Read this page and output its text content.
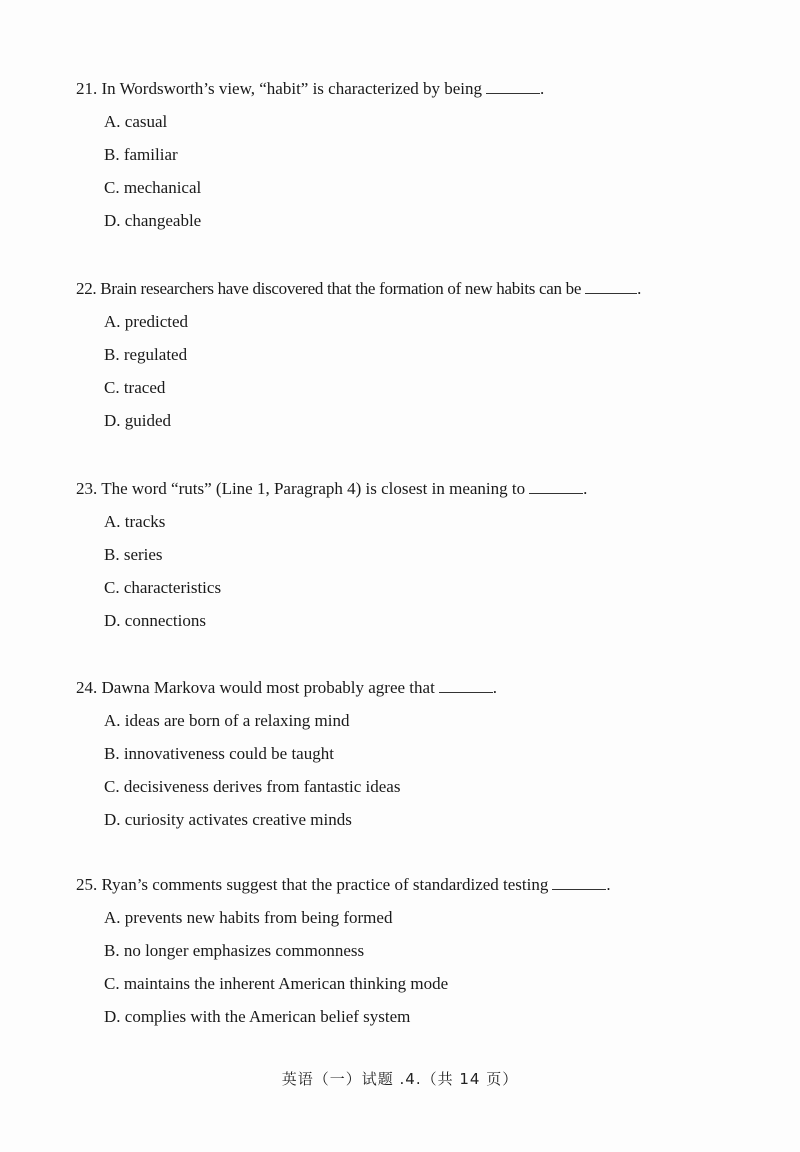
21. In Wordsworth’s view, “habit” is characterized by being	.
A. casual
B. familiar
C. mechanical
D. changeable
22. Brain researchers have discovered that the formation of new habits can be	.
A. predicted
B. regulated
C. traced
D. guided
23. The word “ruts” (Line 1, Paragraph 4) is closest in meaning to	.
A. tracks
B. series
C. characteristics
D. connections
24. Dawna Markova would most probably agree that	.
A. ideas are born of a relaxing mind
B. innovativeness could be taught
C. decisiveness derives from fantastic ideas
D. curiosity activates creative minds
25. Ryan’s comments suggest that the practice of standardized testing	.
A. prevents new habits from being formed
B. no longer emphasizes commonness
C. maintains the inherent American thinking mode
D. complies with the American belief system
英语（一）试题 .4.（共 14 页）
